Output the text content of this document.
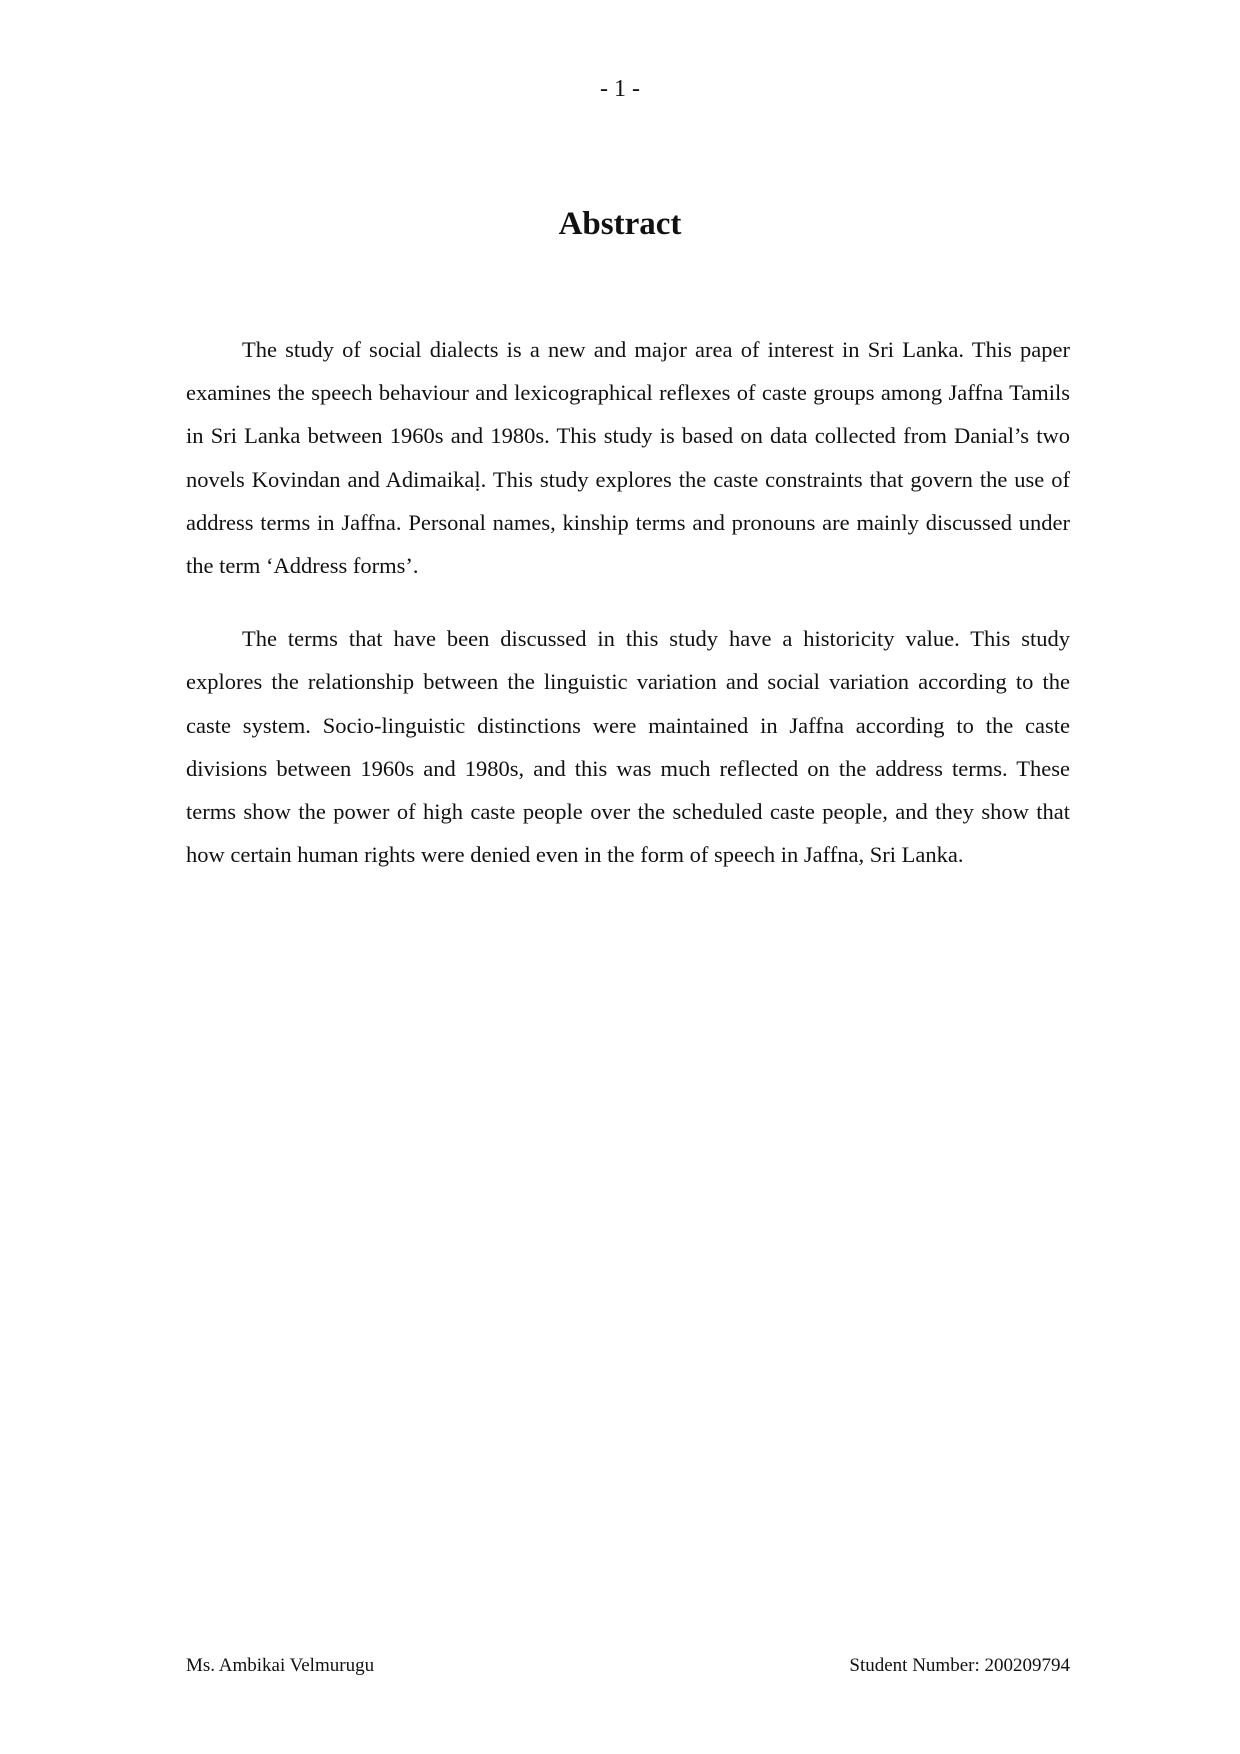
- 1 -
Abstract

The study of social dialects is a new and major area of interest in Sri Lanka. This paper examines the speech behaviour and lexicographical reflexes of caste groups among Jaffna Tamils in Sri Lanka between 1960s and 1980s. This study is based on data collected from Danial’s two novels Kovindan and Adimaikaḷ. This study explores the caste constraints that govern the use of address terms in Jaffna. Personal names, kinship terms and pronouns are mainly discussed under the term ‘Address forms’.

The terms that have been discussed in this study have a historicity value. This study explores the relationship between the linguistic variation and social variation according to the caste system. Socio-linguistic distinctions were maintained in Jaffna according to the caste divisions between 1960s and 1980s, and this was much reflected on the address terms. These terms show the power of high caste people over the scheduled caste people, and they show that how certain human rights were denied even in the form of speech in Jaffna, Sri Lanka.

Ms. Ambikai Velmurugu	Student Number: 200209794
